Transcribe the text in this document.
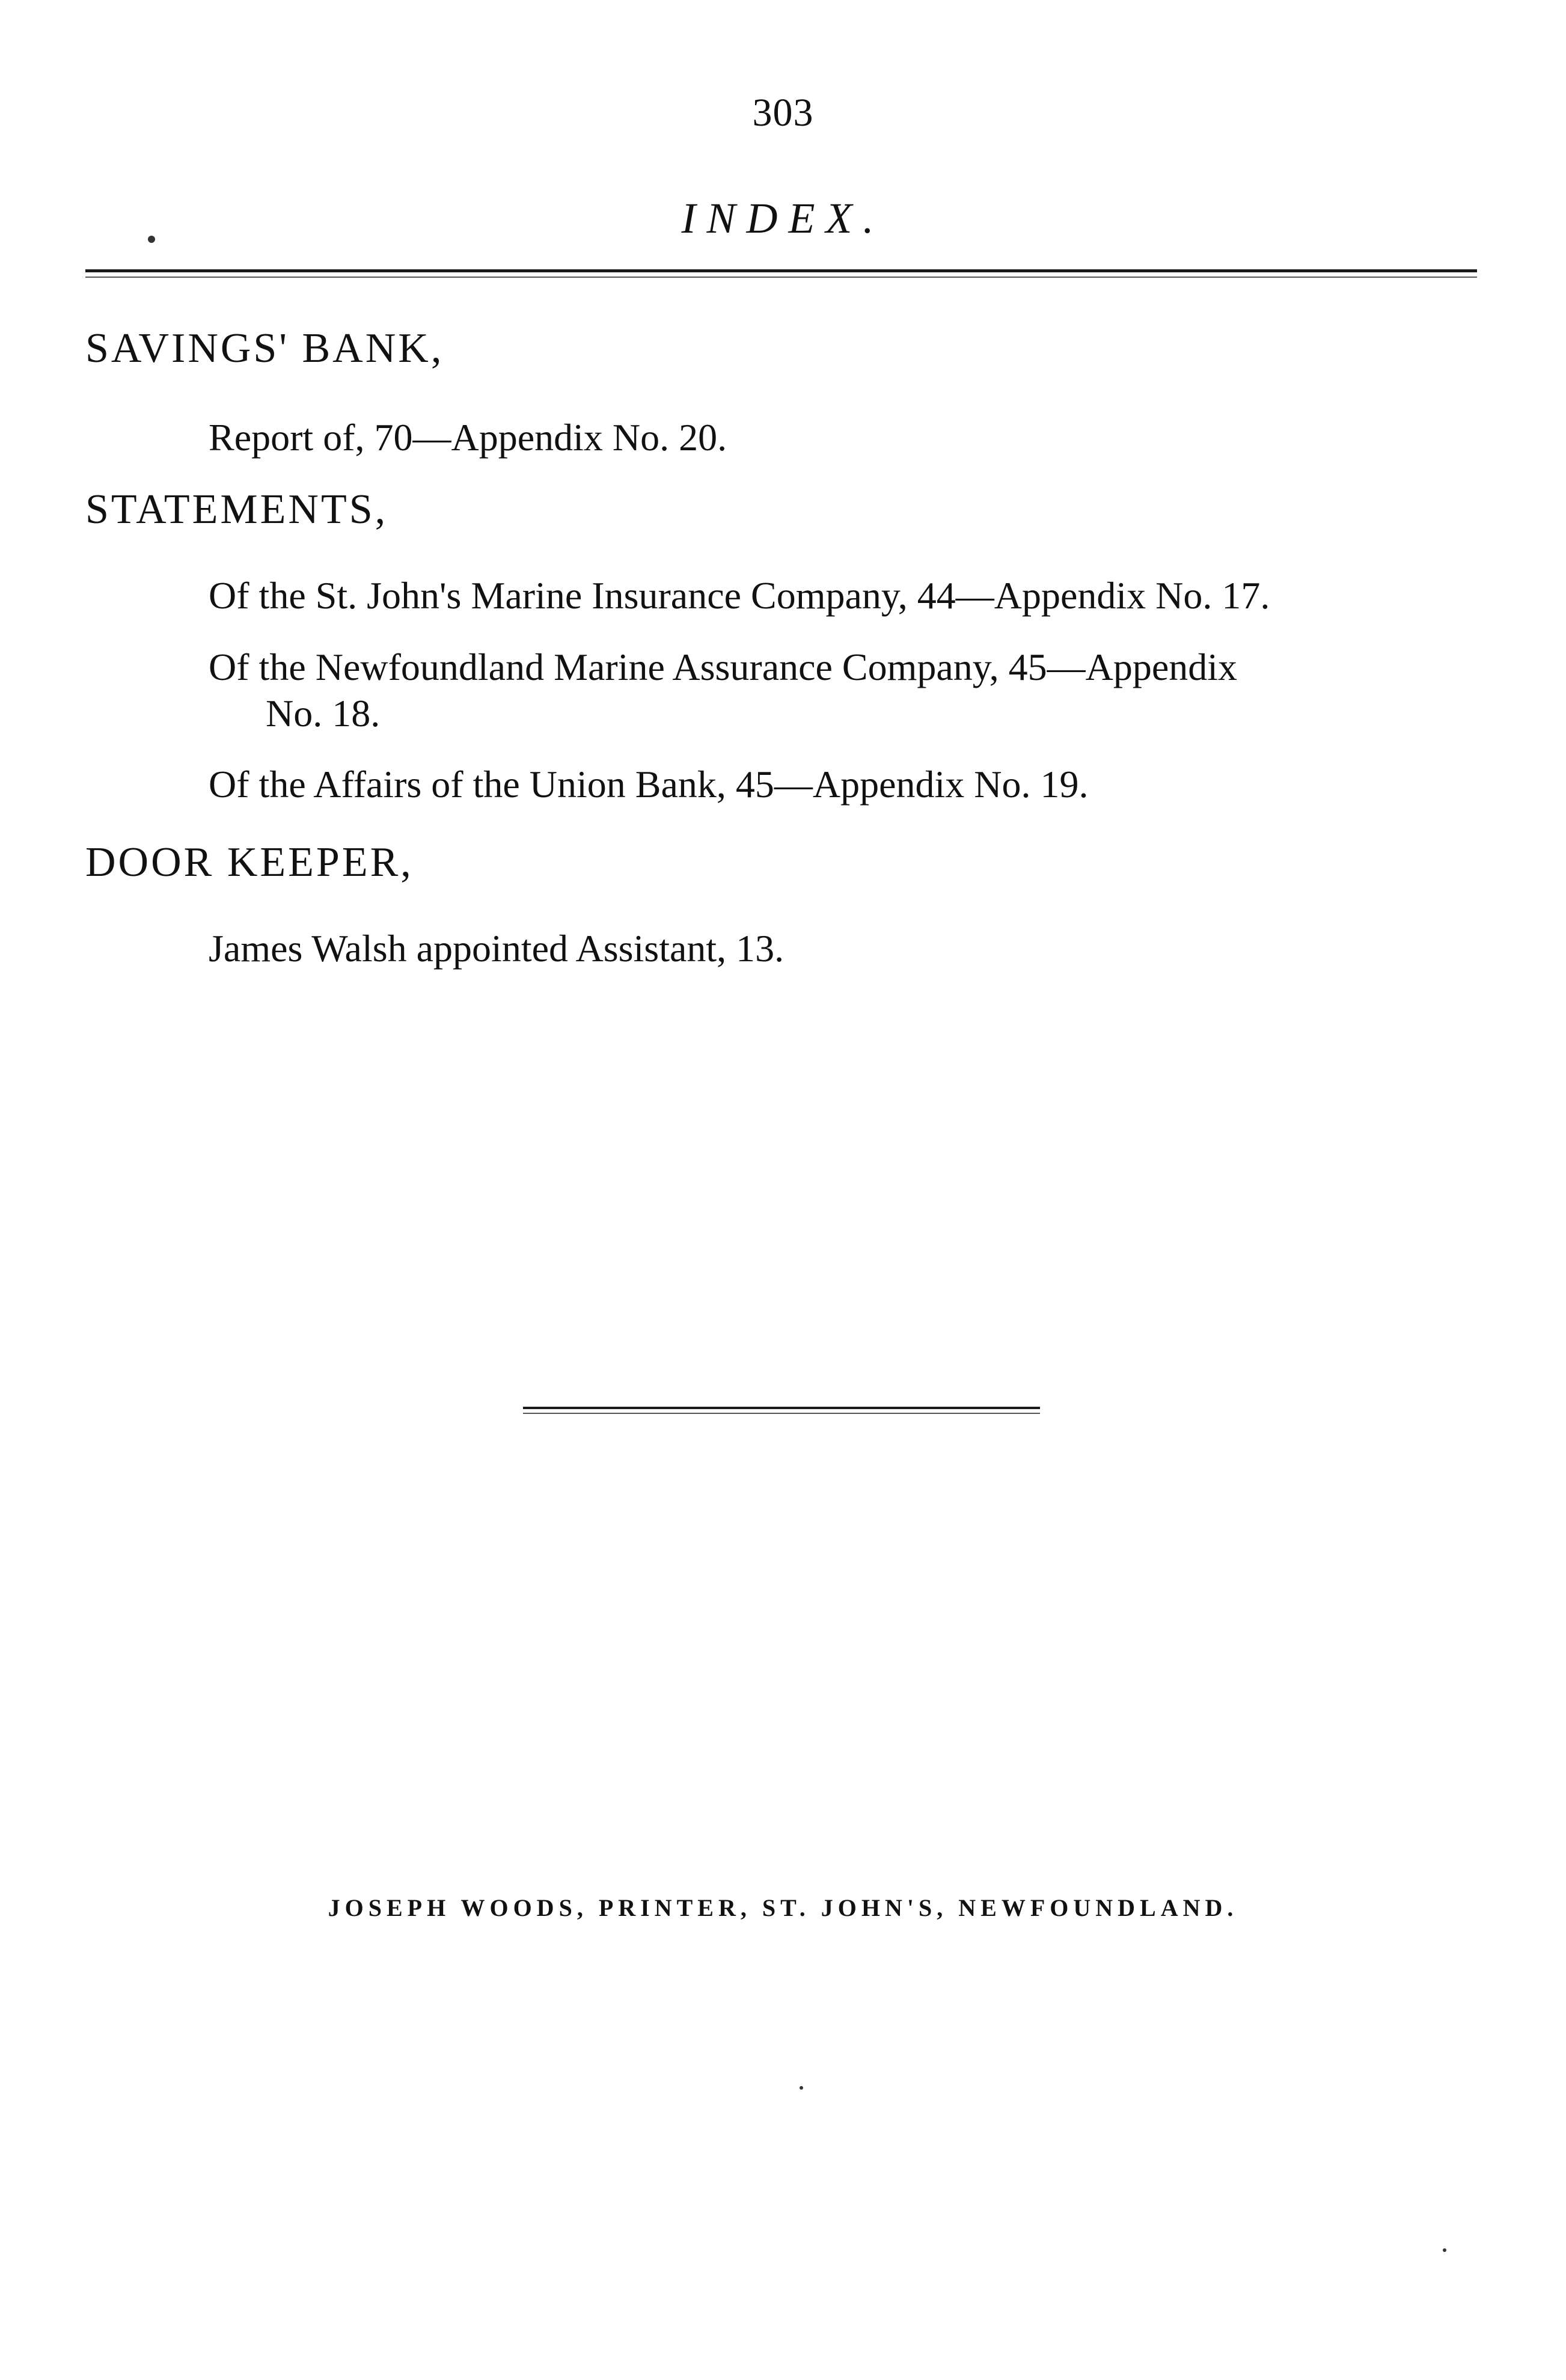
303
INDEX.

SAVINGS' BANK,

Report of, 70—Appendix No. 20.

STATEMENTS,

Of the St. John's Marine Insurance Company, 44—Appendix No. 17.

Of the Newfoundland Marine Assurance Company, 45—Appendix
No. 18.

Of the Affairs of the Union Bank, 45—Appendix No. 19.

DOOR KEEPER,

James Walsh appointed Assistant, 13.

JOSEPH WOODS, PRINTER, ST. JOHN'S, NEWFOUNDLAND.
